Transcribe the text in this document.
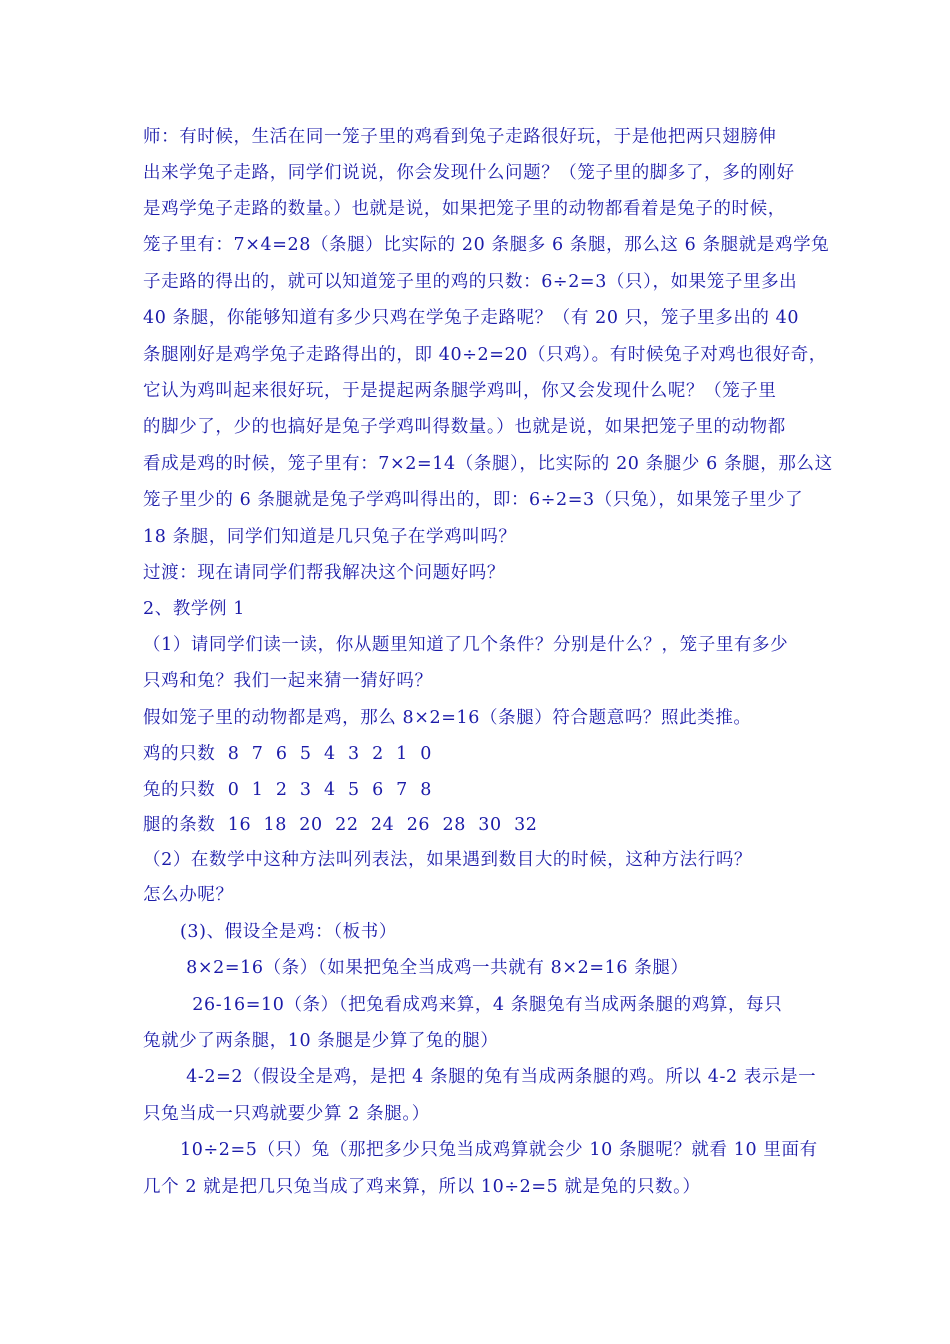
师：有时候，生活在同一笼子里的鸡看到兔子走路很好玩，于是他把两只翅膀伸
出来学兔子走路，同学们说说，你会发现什么问题？（笼子里的脚多了，多的刚好
是鸡学兔子走路的数量。）也就是说，如果把笼子里的动物都看着是兔子的时候，
笼子里有：7×4=28（条腿）比实际的 20 条腿多 6 条腿，那么这 6 条腿就是鸡学兔
子走路的得出的，就可以知道笼子里的鸡的只数：6÷2=3（只），如果笼子里多出
40 条腿，你能够知道有多少只鸡在学兔子走路呢？（有 20 只，笼子里多出的 40
条腿刚好是鸡学兔子走路得出的，即 40÷2=20（只鸡）。有时候兔子对鸡也很好奇，
它认为鸡叫起来很好玩，于是提起两条腿学鸡叫，你又会发现什么呢？（笼子里
的脚少了，少的也搞好是兔子学鸡叫得数量。）也就是说，如果把笼子里的动物都
看成是鸡的时候，笼子里有：7×2=14（条腿），比实际的 20 条腿少 6 条腿，那么这
笼子里少的 6 条腿就是兔子学鸡叫得出的，即：6÷2=3（只兔），如果笼子里少了
18 条腿，同学们知道是几只兔子在学鸡叫吗？
过渡：现在请同学们帮我解决这个问题好吗？
2、教学例 1
（1）请同学们读一读，你从题里知道了几个条件？分别是什么？，笼子里有多少
只鸡和兔？我们一起来猜一猜好吗？
假如笼子里的动物都是鸡，那么 8×2=16（条腿）符合题意吗？照此类推。
鸡的只数  8  7  6  5  4  3  2  1  0
兔的只数  0  1  2  3  4  5  6  7  8
腿的条数  16  18  20  22  24  26  28  30  32
（2）在数学中这种方法叫列表法，如果遇到数目大的时候，这种方法行吗？
怎么办呢？
(3)、假设全是鸡：（板书）
8×2=16（条）（如果把兔全当成鸡一共就有 8×2=16 条腿）
26-16=10（条）（把兔看成鸡来算，4 条腿兔有当成两条腿的鸡算，每只
兔就少了两条腿，10 条腿是少算了兔的腿）
4-2=2（假设全是鸡，是把 4 条腿的兔有当成两条腿的鸡。所以 4-2 表示是一
只兔当成一只鸡就要少算 2 条腿。）
10÷2=5（只）兔（那把多少只兔当成鸡算就会少 10 条腿呢？就看 10 里面有
几个 2 就是把几只兔当成了鸡来算，所以 10÷2=5 就是兔的只数。）
